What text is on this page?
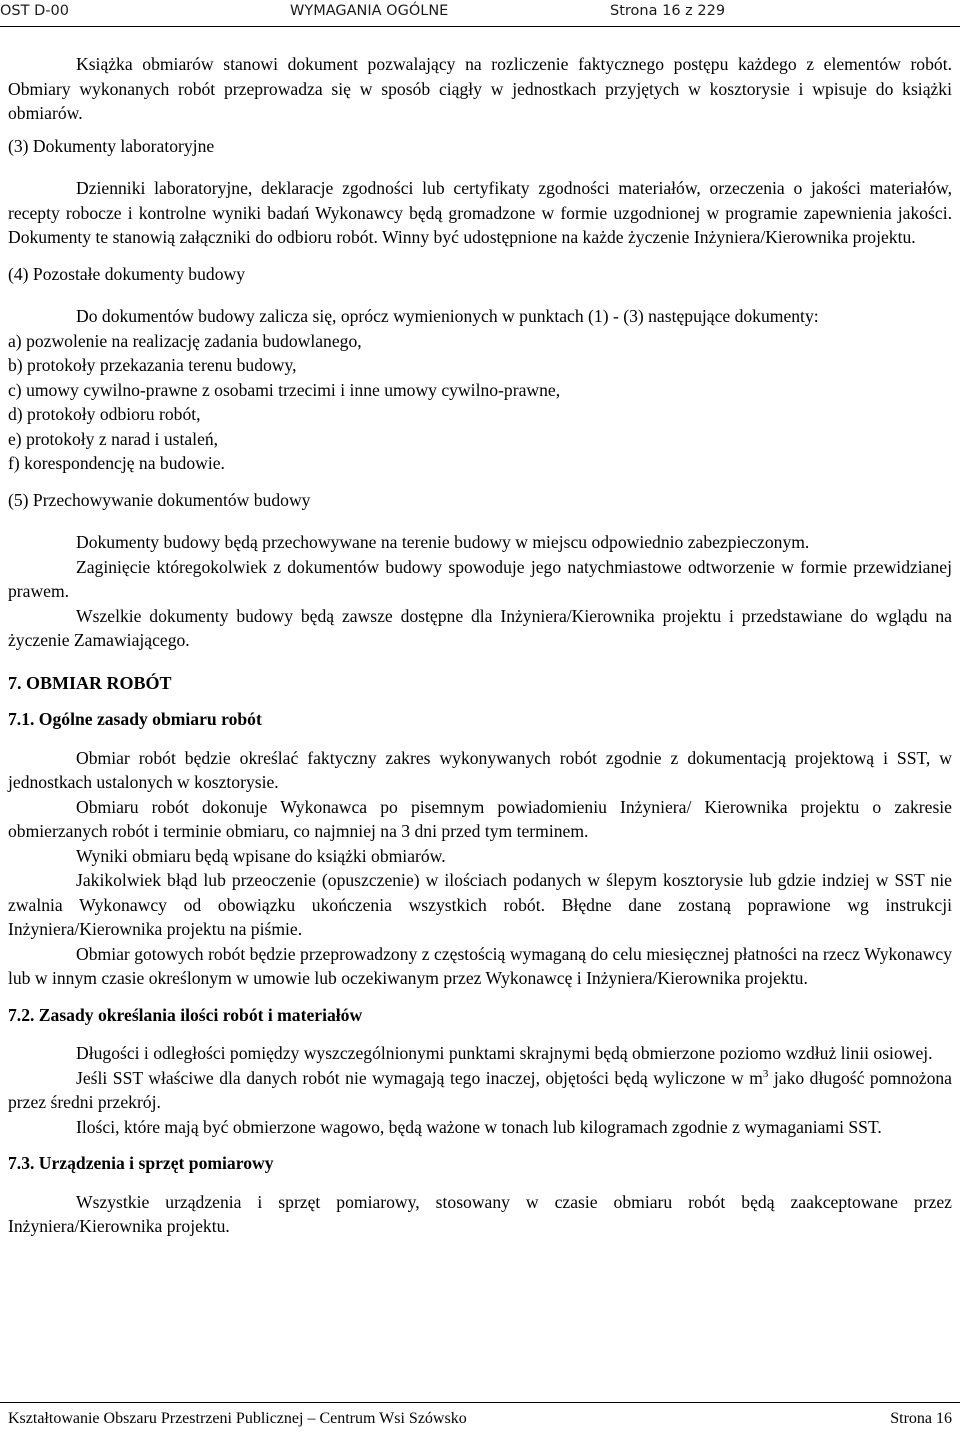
OST D-00	WYMAGANIA OGÓLNE	Strona 16 z 229

Książka obmiarów stanowi dokument pozwalający na rozliczenie faktycznego postępu każdego z elementów robót. Obmiary wykonanych robót przeprowadza się w sposób ciągły w jednostkach przyjętych w kosztorysie i wpisuje do książki obmiarów.

(3) Dokumenty laboratoryjne

Dzienniki laboratoryjne, deklaracje zgodności lub certyfikaty zgodności materiałów, orzeczenia o jakości materiałów, recepty robocze i kontrolne wyniki badań Wykonawcy będą gromadzone w formie uzgodnionej w programie zapewnienia jakości. Dokumenty te stanowią załączniki do odbioru robót. Winny być udostępnione na każde życzenie Inżyniera/Kierownika projektu.

(4) Pozostałe dokumenty budowy

Do dokumentów budowy zalicza się, oprócz wymienionych w punktach (1) - (3) następujące dokumenty:

a) pozwolenie na realizację zadania budowlanego,

b) protokoły przekazania terenu budowy,

c) umowy cywilno-prawne z osobami trzecimi i inne umowy cywilno-prawne,

d) protokoły odbioru robót,

e) protokoły z narad i ustaleń,

f) korespondencję na budowie.

(5) Przechowywanie dokumentów budowy

Dokumenty budowy będą przechowywane na terenie budowy w miejscu odpowiednio zabezpieczonym.

Zaginięcie któregokolwiek z dokumentów budowy spowoduje jego natychmiastowe odtworzenie w formie przewidzianej prawem.

Wszelkie dokumenty budowy będą zawsze dostępne dla Inżyniera/Kierownika projektu i przedstawiane do wglądu na życzenie Zamawiającego.

7. OBMIAR ROBÓT

7.1. Ogólne zasady obmiaru robót

Obmiar robót będzie określać faktyczny zakres wykonywanych robót zgodnie z dokumentacją projektową i SST, w jednostkach ustalonych w kosztorysie.

Obmiaru robót dokonuje Wykonawca po pisemnym powiadomieniu Inżyniera/ Kierownika projektu o zakresie obmierzanych robót i terminie obmiaru, co najmniej na 3 dni przed tym terminem.

Wyniki obmiaru będą wpisane do książki obmiarów.

Jakikolwiek błąd lub przeoczenie (opuszczenie) w ilościach podanych w ślepym kosztorysie lub gdzie indziej w SST nie zwalnia Wykonawcy od obowiązku ukończenia wszystkich robót. Błędne dane zostaną poprawione wg instrukcji Inżyniera/Kierownika projektu na piśmie.

Obmiar gotowych robót będzie przeprowadzony z częstością wymaganą do celu miesięcznej płatności na rzecz Wykonawcy lub w innym czasie określonym w umowie lub oczekiwanym przez Wykonawcę i Inżyniera/Kierownika projektu.

7.2. Zasady określania ilości robót i materiałów

Długości i odległości pomiędzy wyszczególnionymi punktami skrajnymi będą obmierzone poziomo wzdłuż linii osiowej.

Jeśli SST właściwe dla danych robót nie wymagają tego inaczej, objętości będą wyliczone w $m^3$ jako długość pomnożona przez średni przekrój.

Ilości, które mają być obmierzone wagowo, będą ważone w tonach lub kilogramach zgodnie z wymaganiami SST.

7.3. Urządzenia i sprzęt pomiarowy

Wszystkie urządzenia i sprzęt pomiarowy, stosowany w czasie obmiaru robót będą zaakceptowane przez Inżyniera/Kierownika projektu.

Kształtowanie Obszaru Przestrzeni Publicznej – Centrum Wsi Szówsko	Strona 16
